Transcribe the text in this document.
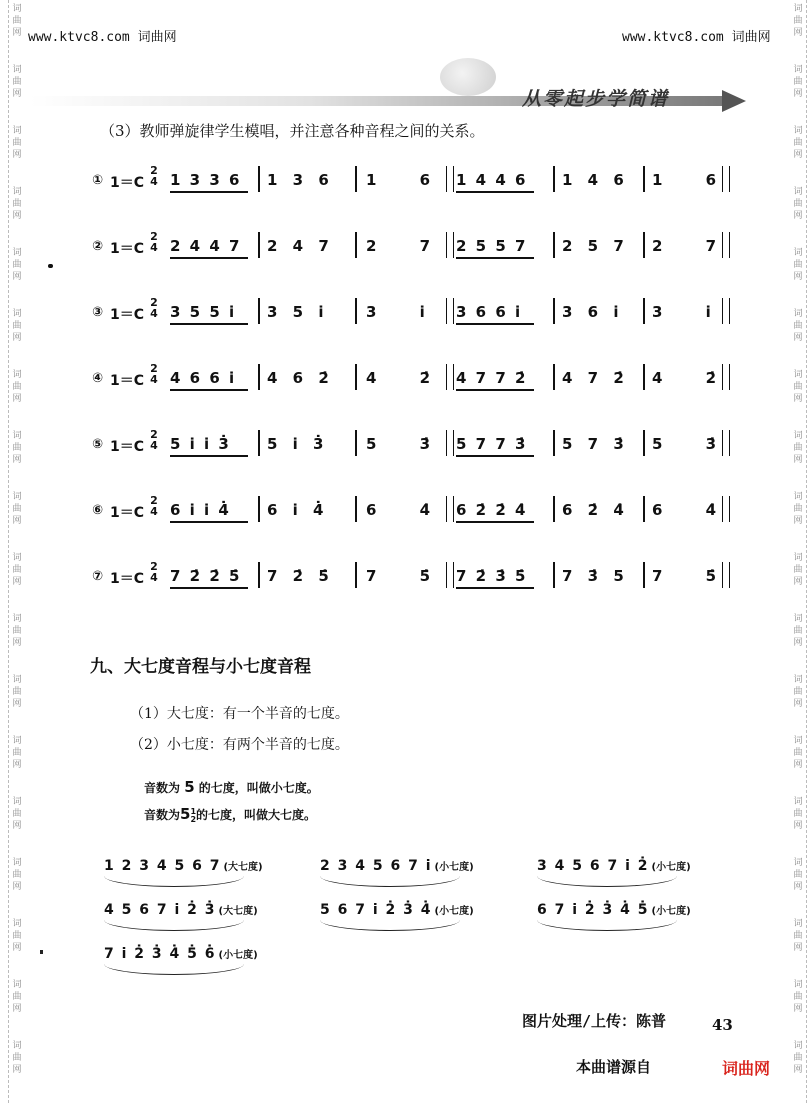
词
曲
网
词
曲
网
词
曲
网
词
曲
网
词
曲
网
词
曲
网
词
曲
网
词
曲
网
词
曲
网
词
曲
网
词
曲
网
词
曲
网
词
曲
网
词
曲
网
词
曲
网
词
曲
网
词
曲
网
词
曲
网
词
曲
网
词
曲
网
词
曲
网
词
曲
网
词
曲
网
词
曲
网
词
曲
网
词
曲
网
词
曲
网
词
曲
网
词
曲
网
词
曲
网
词
曲
网
词
曲
网
词
曲
网
词
曲
网
词
曲
网
词
曲
网
www.ktvc8.com 词曲网	www.ktvc8.com 词曲网
从零起步学简谱
（3）教师弹旋律学生模唱，并注意各种音程之间的关系。
① 1＝C
2
4 1 3 3 6 1 3 6 1 6 1 4 4 6 1 4 6 1 6
② 1＝C
2
4 2 4 4 7 2 4 7 2 7 2 5 5 7 2 5 7 2 7
③ 1＝C
2
4 3 5 5 i 3 5 i	3 i 3 6 6 i	3 6 i 3 i
④ 1＝C
2
4 4 6 6 i 4 6 2̇ 4 2̇ 4 7 7 2̇ 4 7 2̇ 4 2̇
⑤ 1＝C
2
4 5 i i 3̇	5 i 3̇	5 3̇ 5 7 7 3̇ 5 7 3̇ 5 3̇
⑥ 1＝C
2
4 6 i i 4̇	6 i 4̇	6 4̇ 6 2̇ 2̇ 4̇ 6 2̇ 4̇ 6 4̇
⑦ 1＝C
2
4 7 2̇ 2̇ 5̇ 7 2̇ 5̇ 7 5̇ 7 2̇ 3̇ 5̇ 7 3̇ 5 7 5̇
九、大七度音程与小七度音程
（1）大七度：有一个半音的七度。
（2）小七度：有两个半音的七度。
音数为 5 的七度，叫做小七度。
音数为51
2的七度，叫做大七度。
1 2 3 4 5 6 7 (大七度)	2 3 4 5 6 7 i (小七度)	3 4 5 6 7 i 2̇ (小七度)
4 5 6 7 i 2̇ 3̇ (大七度)	5 6 7 i 2̇ 3̇ 4̇ (小七度)	6 7 i 2̇ 3̇ 4̇ 5̇ (小七度)
7 i 2̇ 3̇ 4̇ 5̇ 6̇ (小七度)
图片处理/上传：陈普	43
本曲谱源自	词曲网
